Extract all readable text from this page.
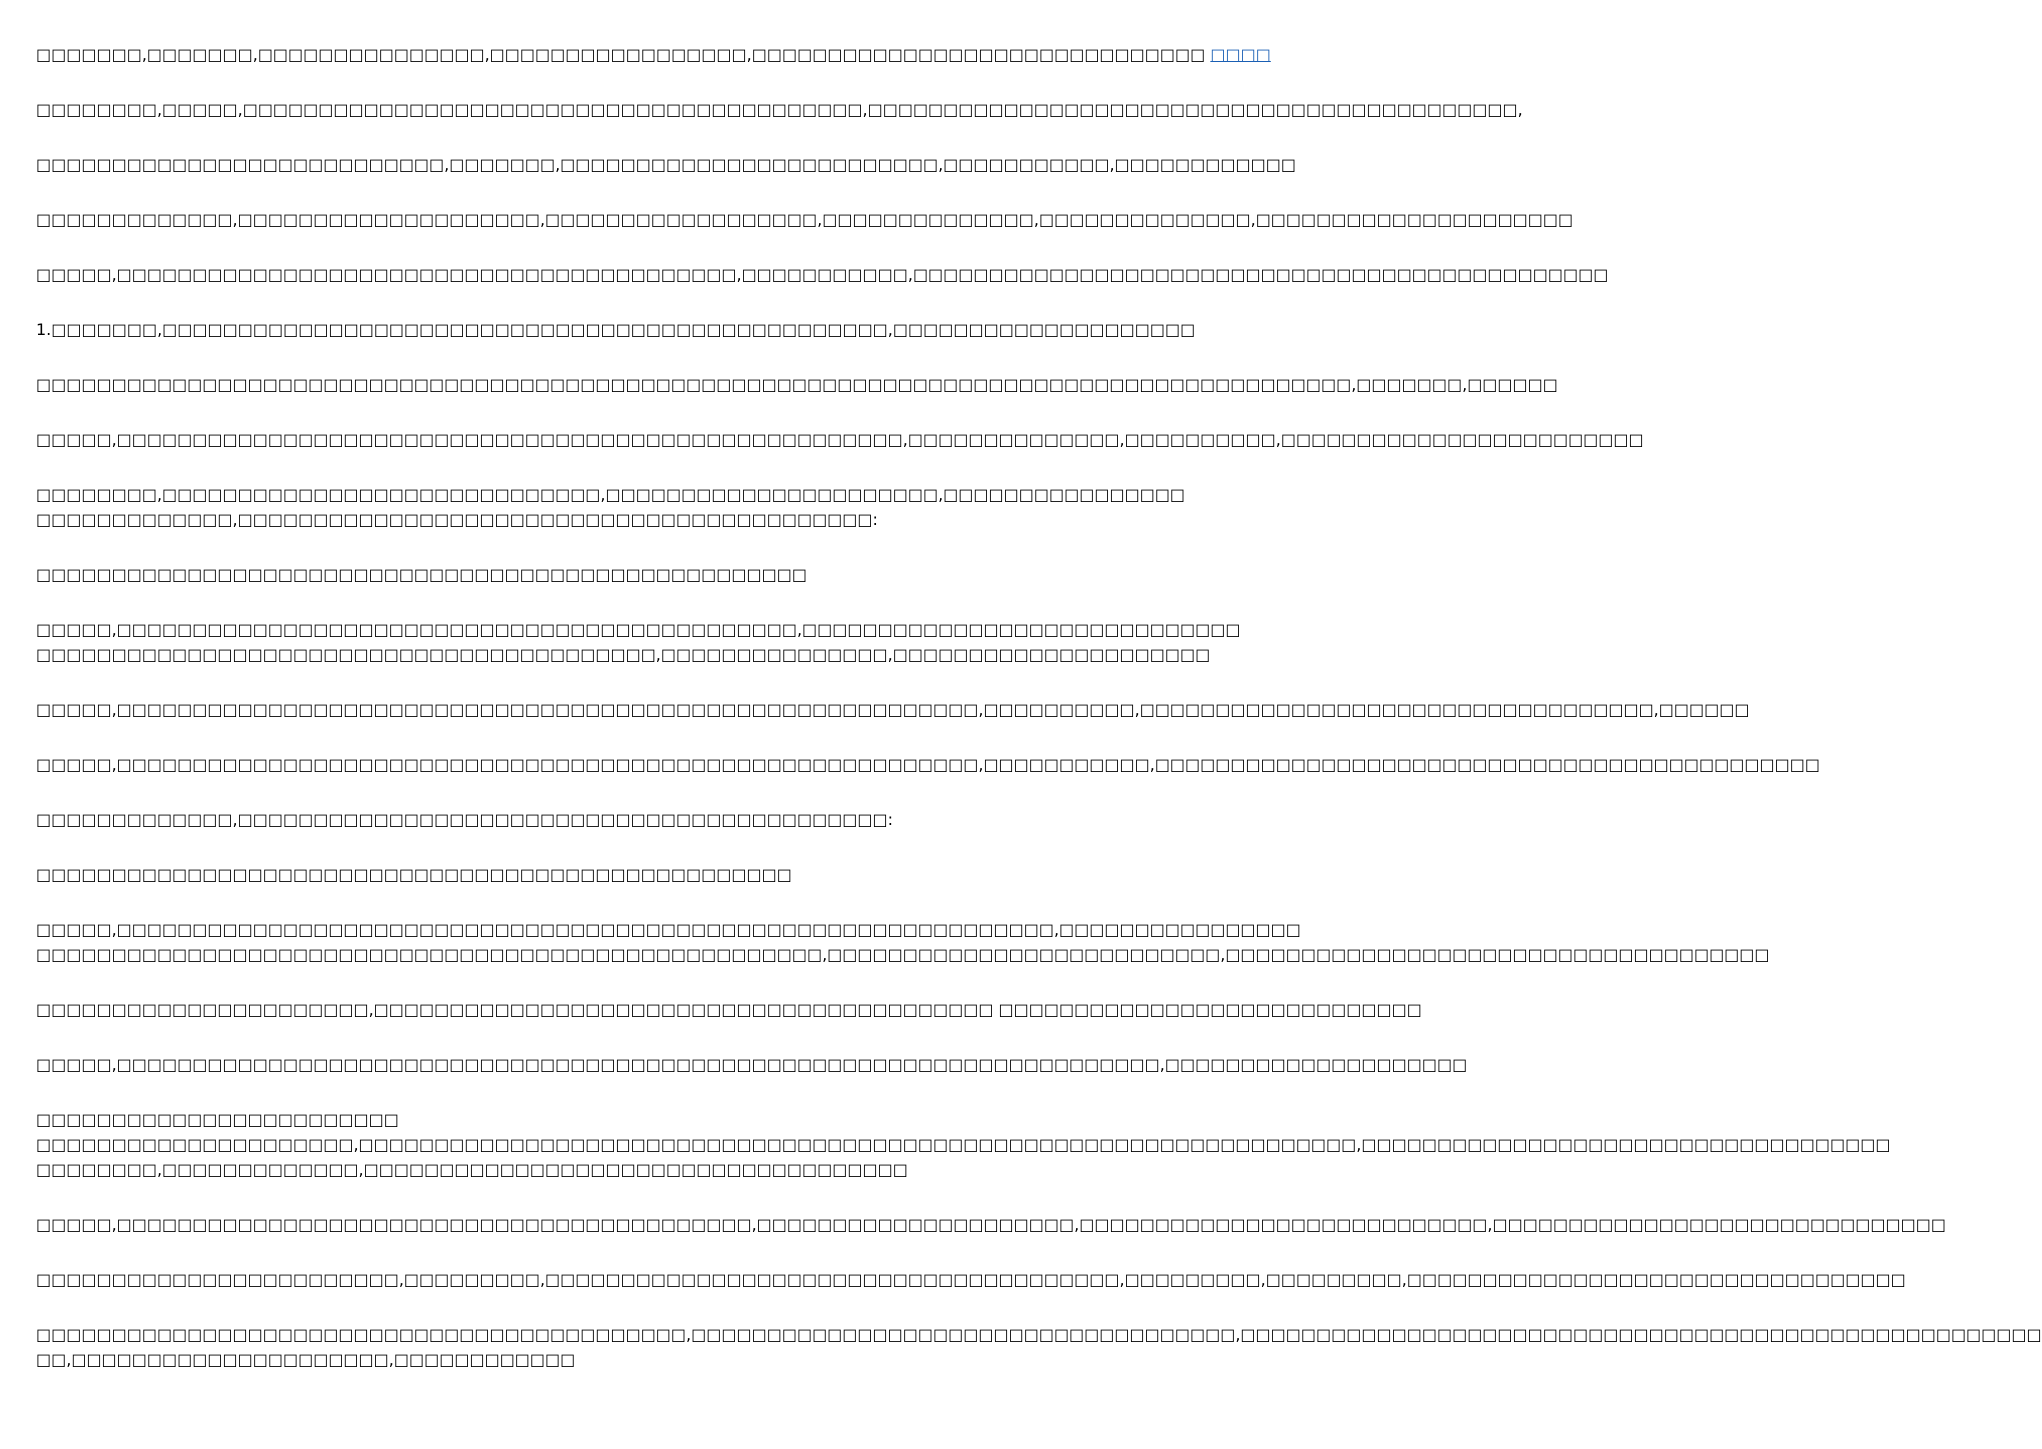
□□□□□□□,□□□□□□□,□□□□□□□□□□□□□□□,□□□□□□□□□□□□□□□□□,□□□□□□□□□□□□□□□□□□□□□□□□□□□□□□ □□□□

□□□□□□□□,□□□□□,□□□□□□□□□□□□□□□□□□□□□□□□□□□□□□□□□□□□□□□□□,□□□□□□□□□□□□□□□□□□□□□□□□□□□□□□□□□□□□□□□□□□□,

□□□□□□□□□□□□□□□□□□□□□□□□□□□,□□□□□□□,□□□□□□□□□□□□□□□□□□□□□□□□□,□□□□□□□□□□□,□□□□□□□□□□□□

□□□□□□□□□□□□□,□□□□□□□□□□□□□□□□□□□□,□□□□□□□□□□□□□□□□□□,□□□□□□□□□□□□□□,□□□□□□□□□□□□□□,□□□□□□□□□□□□□□□□□□□□□

□□□□□,□□□□□□□□□□□□□□□□□□□□□□□□□□□□□□□□□□□□□□□□□,□□□□□□□□□□□,□□□□□□□□□□□□□□□□□□□□□□□□□□□□□□□□□□□□□□□□□□□□□□

1.□□□□□□□,□□□□□□□□□□□□□□□□□□□□□□□□□□□□□□□□□□□□□□□□□□□□□□□□,□□□□□□□□□□□□□□□□□□□□

□□□□□□□□□□□□□□□□□□□□□□□□□□□□□□□□□□□□□□□□□□□□□□□□□□□□□□□□□□□□□□□□□□□□□□□□□□□□□□□□□□□□□□□,□□□□□□□,□□□□□□

□□□□□,□□□□□□□□□□□□□□□□□□□□□□□□□□□□□□□□□□□□□□□□□□□□□□□□□□□□,□□□□□□□□□□□□□□,□□□□□□□□□□,□□□□□□□□□□□□□□□□□□□□□□□□

□□□□□□□□,□□□□□□□□□□□□□□□□□□□□□□□□□□□□□,□□□□□□□□□□□□□□□□□□□□□□,□□□□□□□□□□□□□□□□
□□□□□□□□□□□□□,□□□□□□□□□□□□□□□□□□□□□□□□□□□□□□□□□□□□□□□□□□:

□□□□□□□□□□□□□□□□□□□□□□□□□□□□□□□□□□□□□□□□□□□□□□□□□□□

□□□□□,□□□□□□□□□□□□□□□□□□□□□□□□□□□□□□□□□□□□□□□□□□□□□,□□□□□□□□□□□□□□□□□□□□□□□□□□□□□
□□□□□□□□□□□□□□□□□□□□□□□□□□□□□□□□□□□□□□□□□,□□□□□□□□□□□□□□□,□□□□□□□□□□□□□□□□□□□□□

□□□□□,□□□□□□□□□□□□□□□□□□□□□□□□□□□□□□□□□□□□□□□□□□□□□□□□□□□□□□□□□,□□□□□□□□□□,□□□□□□□□□□□□□□□□□□□□□□□□□□□□□□□□□□,□□□□□□

□□□□□,□□□□□□□□□□□□□□□□□□□□□□□□□□□□□□□□□□□□□□□□□□□□□□□□□□□□□□□□□,□□□□□□□□□□□,□□□□□□□□□□□□□□□□□□□□□□□□□□□□□□□□□□□□□□□□□□□□

□□□□□□□□□□□□□,□□□□□□□□□□□□□□□□□□□□□□□□□□□□□□□□□□□□□□□□□□□:

□□□□□□□□□□□□□□□□□□□□□□□□□□□□□□□□□□□□□□□□□□□□□□□□□□

□□□□□,□□□□□□□□□□□□□□□□□□□□□□□□□□□□□□□□□□□□□□□□□□□□□□□□□□□□□□□□□□□□□□,□□□□□□□□□□□□□□□□
□□□□□□□□□□□□□□□□□□□□□□□□□□□□□□□□□□□□□□□□□□□□□□□□□□□□,□□□□□□□□□□□□□□□□□□□□□□□□□□,□□□□□□□□□□□□□□□□□□□□□□□□□□□□□□□□□□□□

□□□□□□□□□□□□□□□□□□□□□□,□□□□□□□□□□□□□□□□□□□□□□□□□□□□□□□□□□□□□□□□□ □□□□□□□□□□□□□□□□□□□□□□□□□□□□

□□□□□,□□□□□□□□□□□□□□□□□□□□□□□□□□□□□□□□□□□□□□□□□□□□□□□□□□□□□□□□□□□□□□□□□□□□□,□□□□□□□□□□□□□□□□□□□□

□□□□□□□□□□□□□□□□□□□□□□□□
□□□□□□□□□□□□□□□□□□□□□,□□□□□□□□□□□□□□□□□□□□□□□□□□□□□□□□□□□□□□□□□□□□□□□□□□□□□□□□□□□□□□□□□□,□□□□□□□□□□□□□□□□□□□□□□□□□□□□□□□□□□□
□□□□□□□□,□□□□□□□□□□□□□,□□□□□□□□□□□□□□□□□□□□□□□□□□□□□□□□□□□□

□□□□□,□□□□□□□□□□□□□□□□□□□□□□□□□□□□□□□□□□□□□□□□□□,□□□□□□□□□□□□□□□□□□□□□,□□□□□□□□□□□□□□□□□□□□□□□□□□□,□□□□□□□□□□□□□□□□□□□□□□□□□□□□□□

□□□□□□□□□□□□□□□□□□□□□□□□,□□□□□□□□□,□□□□□□□□□□□□□□□□□□□□□□□□□□□□□□□□□□□□□□,□□□□□□□□□,□□□□□□□□□,□□□□□□□□□□□□□□□□□□□□□□□□□□□□□□□□□

□□□□□□□□□□□□□□□□□□□□□□□□□□□□□□□□□□□□□□□□□□□,□□□□□□□□□□□□□□□□□□□□□□□□□□□□□□□□□□□□,□□□□□□□□□□□□□□□□□□□□□□□□□□□□□□□□□□□□□□□□□□□□□□□□□□□□□
□□,□□□□□□□□□□□□□□□□□□□□□,□□□□□□□□□□□□
